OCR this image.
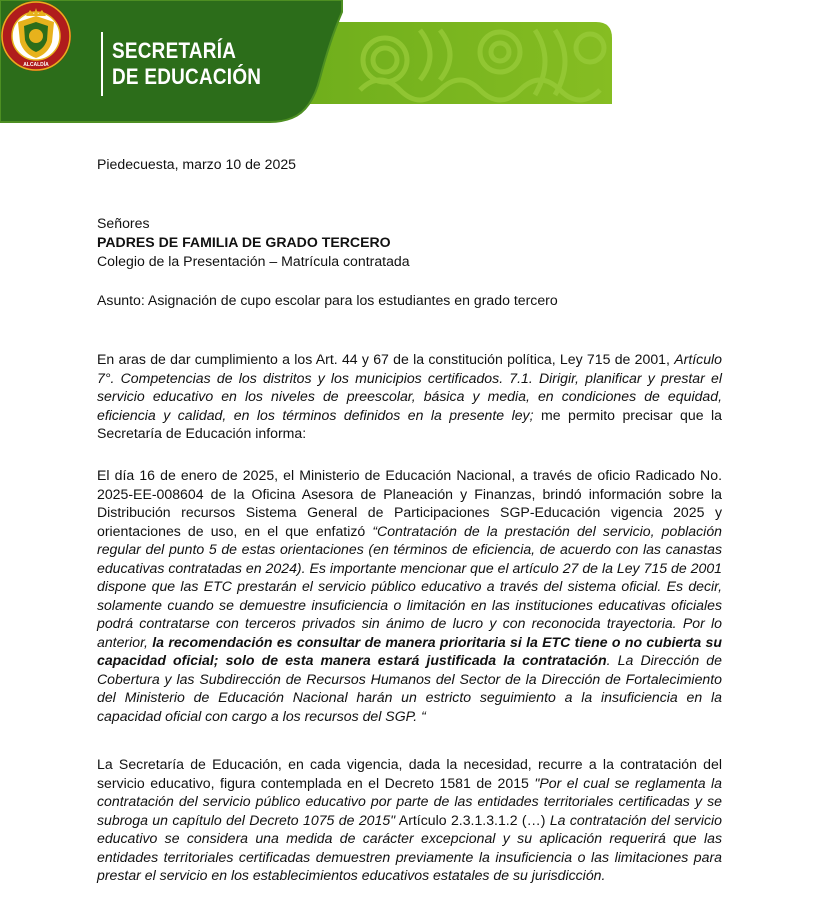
ALCALDÍA
SECRETARÍA
DE EDUCACIÓN
Piedecuesta, marzo 10 de 2025
Señores
PADRES DE FAMILIA DE GRADO TERCERO
Colegio de la Presentación – Matrícula contratada
Asunto: Asignación de cupo escolar para los estudiantes en grado tercero

En aras de dar cumplimiento a los Art. 44 y 67 de la constitución política, Ley 715 de 2001, Artículo 7°. Competencias de los distritos y los municipios certificados. 7.1. Dirigir, planificar y prestar el servicio educativo en los niveles de preescolar, básica y media, en condiciones de equidad, eficiencia y calidad, en los términos definidos en la presente ley; me permito precisar que la Secretaría de Educación informa:

El día 16 de enero de 2025, el Ministerio de Educación Nacional, a través de oficio Radicado No. 2025-EE-008604 de la Oficina Asesora de Planeación y Finanzas, brindó información sobre la Distribución recursos Sistema General de Participaciones SGP-Educación vigencia 2025 y orientaciones de uso, en el que enfatizó “Contratación de la prestación del servicio, población regular del punto 5 de estas orientaciones (en términos de eficiencia, de acuerdo con las canastas educativas contratadas en 2024). Es importante mencionar que el artículo 27 de la Ley 715 de 2001 dispone que las ETC prestarán el servicio público educativo a través del sistema oficial. Es decir, solamente cuando se demuestre insuficiencia o limitación en las instituciones educativas oficiales podrá contratarse con terceros privados sin ánimo de lucro y con reconocida trayectoria. Por lo anterior, la recomendación es consultar de manera prioritaria si la ETC tiene o no cubierta su capacidad oficial; solo de esta manera estará justificada la contratación. La Dirección de Cobertura y las Subdirección de Recursos Humanos del Sector de la Dirección de Fortalecimiento del Ministerio de Educación Nacional harán un estricto seguimiento a la insuficiencia en la capacidad oficial con cargo a los recursos del SGP. “

La Secretaría de Educación, en cada vigencia, dada la necesidad, recurre a la contratación del servicio educativo, figura contemplada en el Decreto 1581 de 2015 "Por el cual se reglamenta la contratación del servicio público educativo por parte de las entidades territoriales certificadas y se subroga un capítulo del Decreto 1075 de 2015" Artículo 2.3.1.3.1.2 (…) La contratación del servicio educativo se considera una medida de carácter excepcional y su aplicación requerirá que las entidades territoriales certificadas demuestren previamente la insuficiencia o las limitaciones para prestar el servicio en los establecimientos educativos estatales de su jurisdicción.
